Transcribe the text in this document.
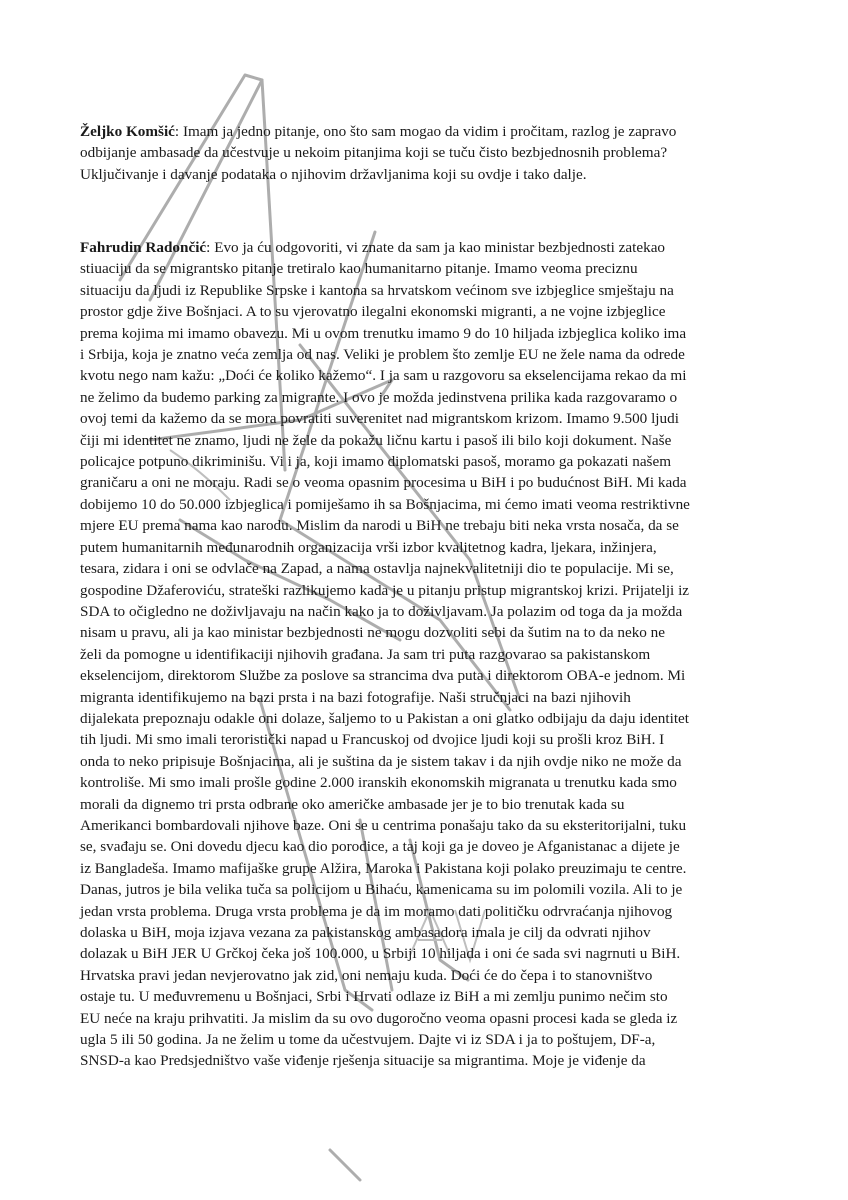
Željko Komšić: Imam ja jedno pitanje, ono što sam mogao da vidim i pročitam, razlog je zapravo
odbijanje ambasade da učestvuje u nekoim pitanjima koji se tuču čisto bezbjednosnih problema?
Uključivanje i davanje podataka o njihovim državljanima koji su ovdje i tako dalje.

Fahrudin Radončić: Evo ja ću odgovoriti, vi znate da sam ja kao ministar bezbjednosti zatekao
stiuaciju da se migrantsko pitanje tretiralo kao humanitarno pitanje. Imamo veoma preciznu
situaciju da ljudi iz Republike Srpske i kantona sa hrvatskom većinom sve izbjeglice smještaju na
prostor gdje žive Bošnjaci. A to su vjerovatno ilegalni ekonomski migranti, a ne vojne izbjeglice
prema kojima mi imamo obavezu. Mi u ovom trenutku imamo 9 do 10 hiljada izbjeglica koliko ima
i Srbija, koja je znatno veća zemlja od nas. Veliki je problem što zemlje EU ne žele nama da odrede
kvotu nego nam kažu: „Doći će koliko kažemo“. I ja sam u razgovoru sa ekselencijama rekao da mi
ne želimo da budemo parking za migrante. I ovo je možda jedinstvena prilika kada razgovaramo o
ovoj temi da kažemo da se mora povratiti suverenitet nad migrantskom krizom. Imamo 9.500 ljudi
čiji mi identitet ne znamo, ljudi ne žele da pokažu ličnu kartu i pasoš ili bilo koji dokument. Naše
policajce potpuno dikriminišu. Vi i ja, koji imamo diplomatski pasoš, moramo ga pokazati našem
graničaru a oni ne moraju. Radi se o veoma opasnim procesima u BiH i po budućnost BiH. Mi kada
dobijemo 10 do 50.000 izbjeglica i pomiješamo ih sa Bošnjacima, mi ćemo imati veoma restriktivne
mjere EU prema nama kao narodu. Mislim da narodi u BiH ne trebaju biti neka vrsta nosača, da se
putem humanitarnih međunarodnih organizacija vrši izbor kvalitetnog kadra, ljekara, inžinjera,
tesara, zidara i oni se odvlače na Zapad, a nama ostavlja najnekvalitetniji dio te populacije. Mi se,
gospodine Džaferoviću, strateški razlikujemo kada je u pitanju pristup migrantskoj krizi. Prijatelji iz
SDA to očigledno ne doživljavaju na način kako ja to doživljavam. Ja polazim od toga da ja možda
nisam u pravu, ali ja kao ministar bezbjednosti ne mogu dozvoliti sebi da šutim na to da neko ne
želi da pomogne u identifikaciji njihovih građana. Ja sam tri puta razgovarao sa pakistanskom
ekselencijom, direktorom Službe za poslove sa strancima dva puta i direktorom OBA-e jednom. Mi
migranta identifikujemo na bazi prsta i na bazi fotografije. Naši stručnjaci na bazi njihovih
dijalekata prepoznaju odakle oni dolaze, šaljemo to u Pakistan a oni glatko odbijaju da daju identitet
tih ljudi. Mi smo imali teroristički napad u Francuskoj od dvojice ljudi koji su prošli kroz BiH. I
onda to neko pripisuje Bošnjacima, ali je suština da je sistem takav i da njih ovdje niko ne može da
kontroliše. Mi smo imali prošle godine 2.000 iranskih ekonomskih migranata u trenutku kada smo
morali da dignemo tri prsta odbrane oko američke ambasade jer je to bio trenutak kada su
Amerikanci bombardovali njihove baze. Oni se u centrima ponašaju tako da su eksteritorijalni, tuku
se, svađaju se. Oni dovedu djecu kao dio porodice, a taj koji ga je doveo je Afganistanac a dijete je
iz Bangladeša. Imamo mafijaške grupe Alžira, Maroka i Pakistana koji polako preuzimaju te centre.
Danas, jutros je bila velika tuča sa policijom u Bihaću, kamenicama su im polomili vozila. Ali to je
jedan vrsta problema. Druga vrsta problema je da im moramo dati političku odrvraćanja njihovog
dolaska u BiH, moja izjava vezana za pakistanskog ambasadora imala je cilj da odvrati njihov
dolazak u BiH JER U Grčkoj čeka još 100.000, u Srbiji 10 hiljada i oni će sada svi nagrnuti u BiH.
Hrvatska pravi jedan nevjerovatno jak zid, oni nemaju kuda. Doći će do čepa i to stanovništvo
ostaje tu. U međuvremenu u Bošnjaci, Srbi i Hrvati odlaze iz BiH a mi zemlju punimo nečim sto
EU neće na kraju prihvatiti. Ja mislim da su ovo dugoročno veoma opasni procesi kada se gleda iz
ugla 5 ili 50 godina. Ja ne želim u tome da učestvujem. Dajte vi iz SDA i ja to poštujem, DF-a,
SNSD-a kao Predsjedništvo vaše viđenje rješenja situacije sa migrantima. Moje je viđenje da
